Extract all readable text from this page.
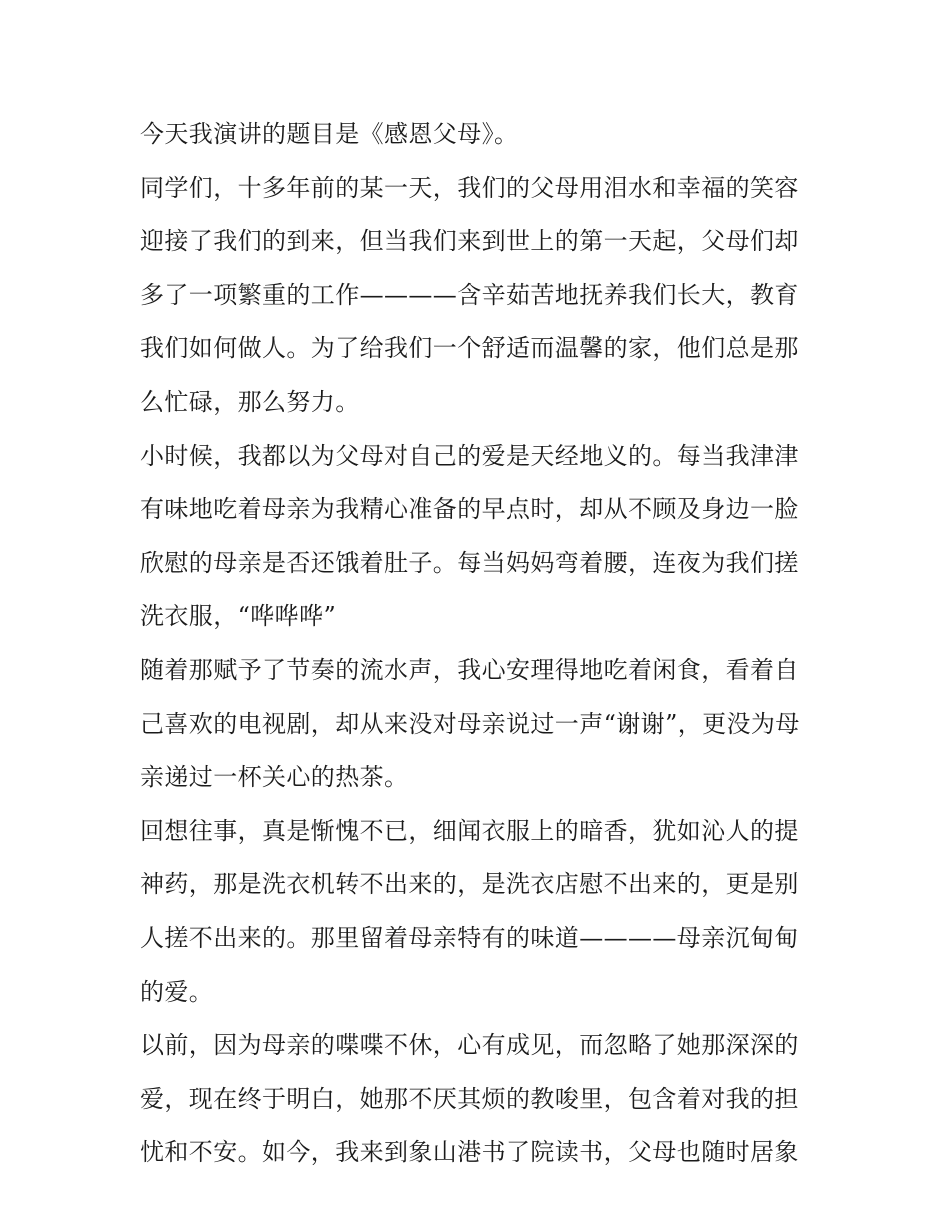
今天我演讲的题目是《感恩父母》。
同学们，十多年前的某一天，我们的父母用泪水和幸福的笑容
迎接了我们的到来，但当我们来到世上的第一天起，父母们却
多了一项繁重的工作————含辛茹苦地抚养我们长大，教育
我们如何做人。为了给我们一个舒适而温馨的家，他们总是那
么忙碌，那么努力。
小时候，我都以为父母对自己的爱是天经地义的。每当我津津
有味地吃着母亲为我精心准备的早点时，却从不顾及身边一脸
欣慰的母亲是否还饿着肚子。每当妈妈弯着腰，连夜为我们搓
洗衣服，“哗哗哗”
随着那赋予了节奏的流水声，我心安理得地吃着闲食，看着自
己喜欢的电视剧，却从来没对母亲说过一声“谢谢”，更没为母
亲递过一杯关心的热茶。
回想往事，真是惭愧不已，细闻衣服上的暗香，犹如沁人的提
神药，那是洗衣机转不出来的，是洗衣店慰不出来的，更是别
人搓不出来的。那里留着母亲特有的味道————母亲沉甸甸
的爱。
以前，因为母亲的喋喋不休，心有成见，而忽略了她那深深的
爱，现在终于明白，她那不厌其烦的教唆里，包含着对我的担
忧和不安。如今，我来到象山港书了院读书，父母也随时居象
